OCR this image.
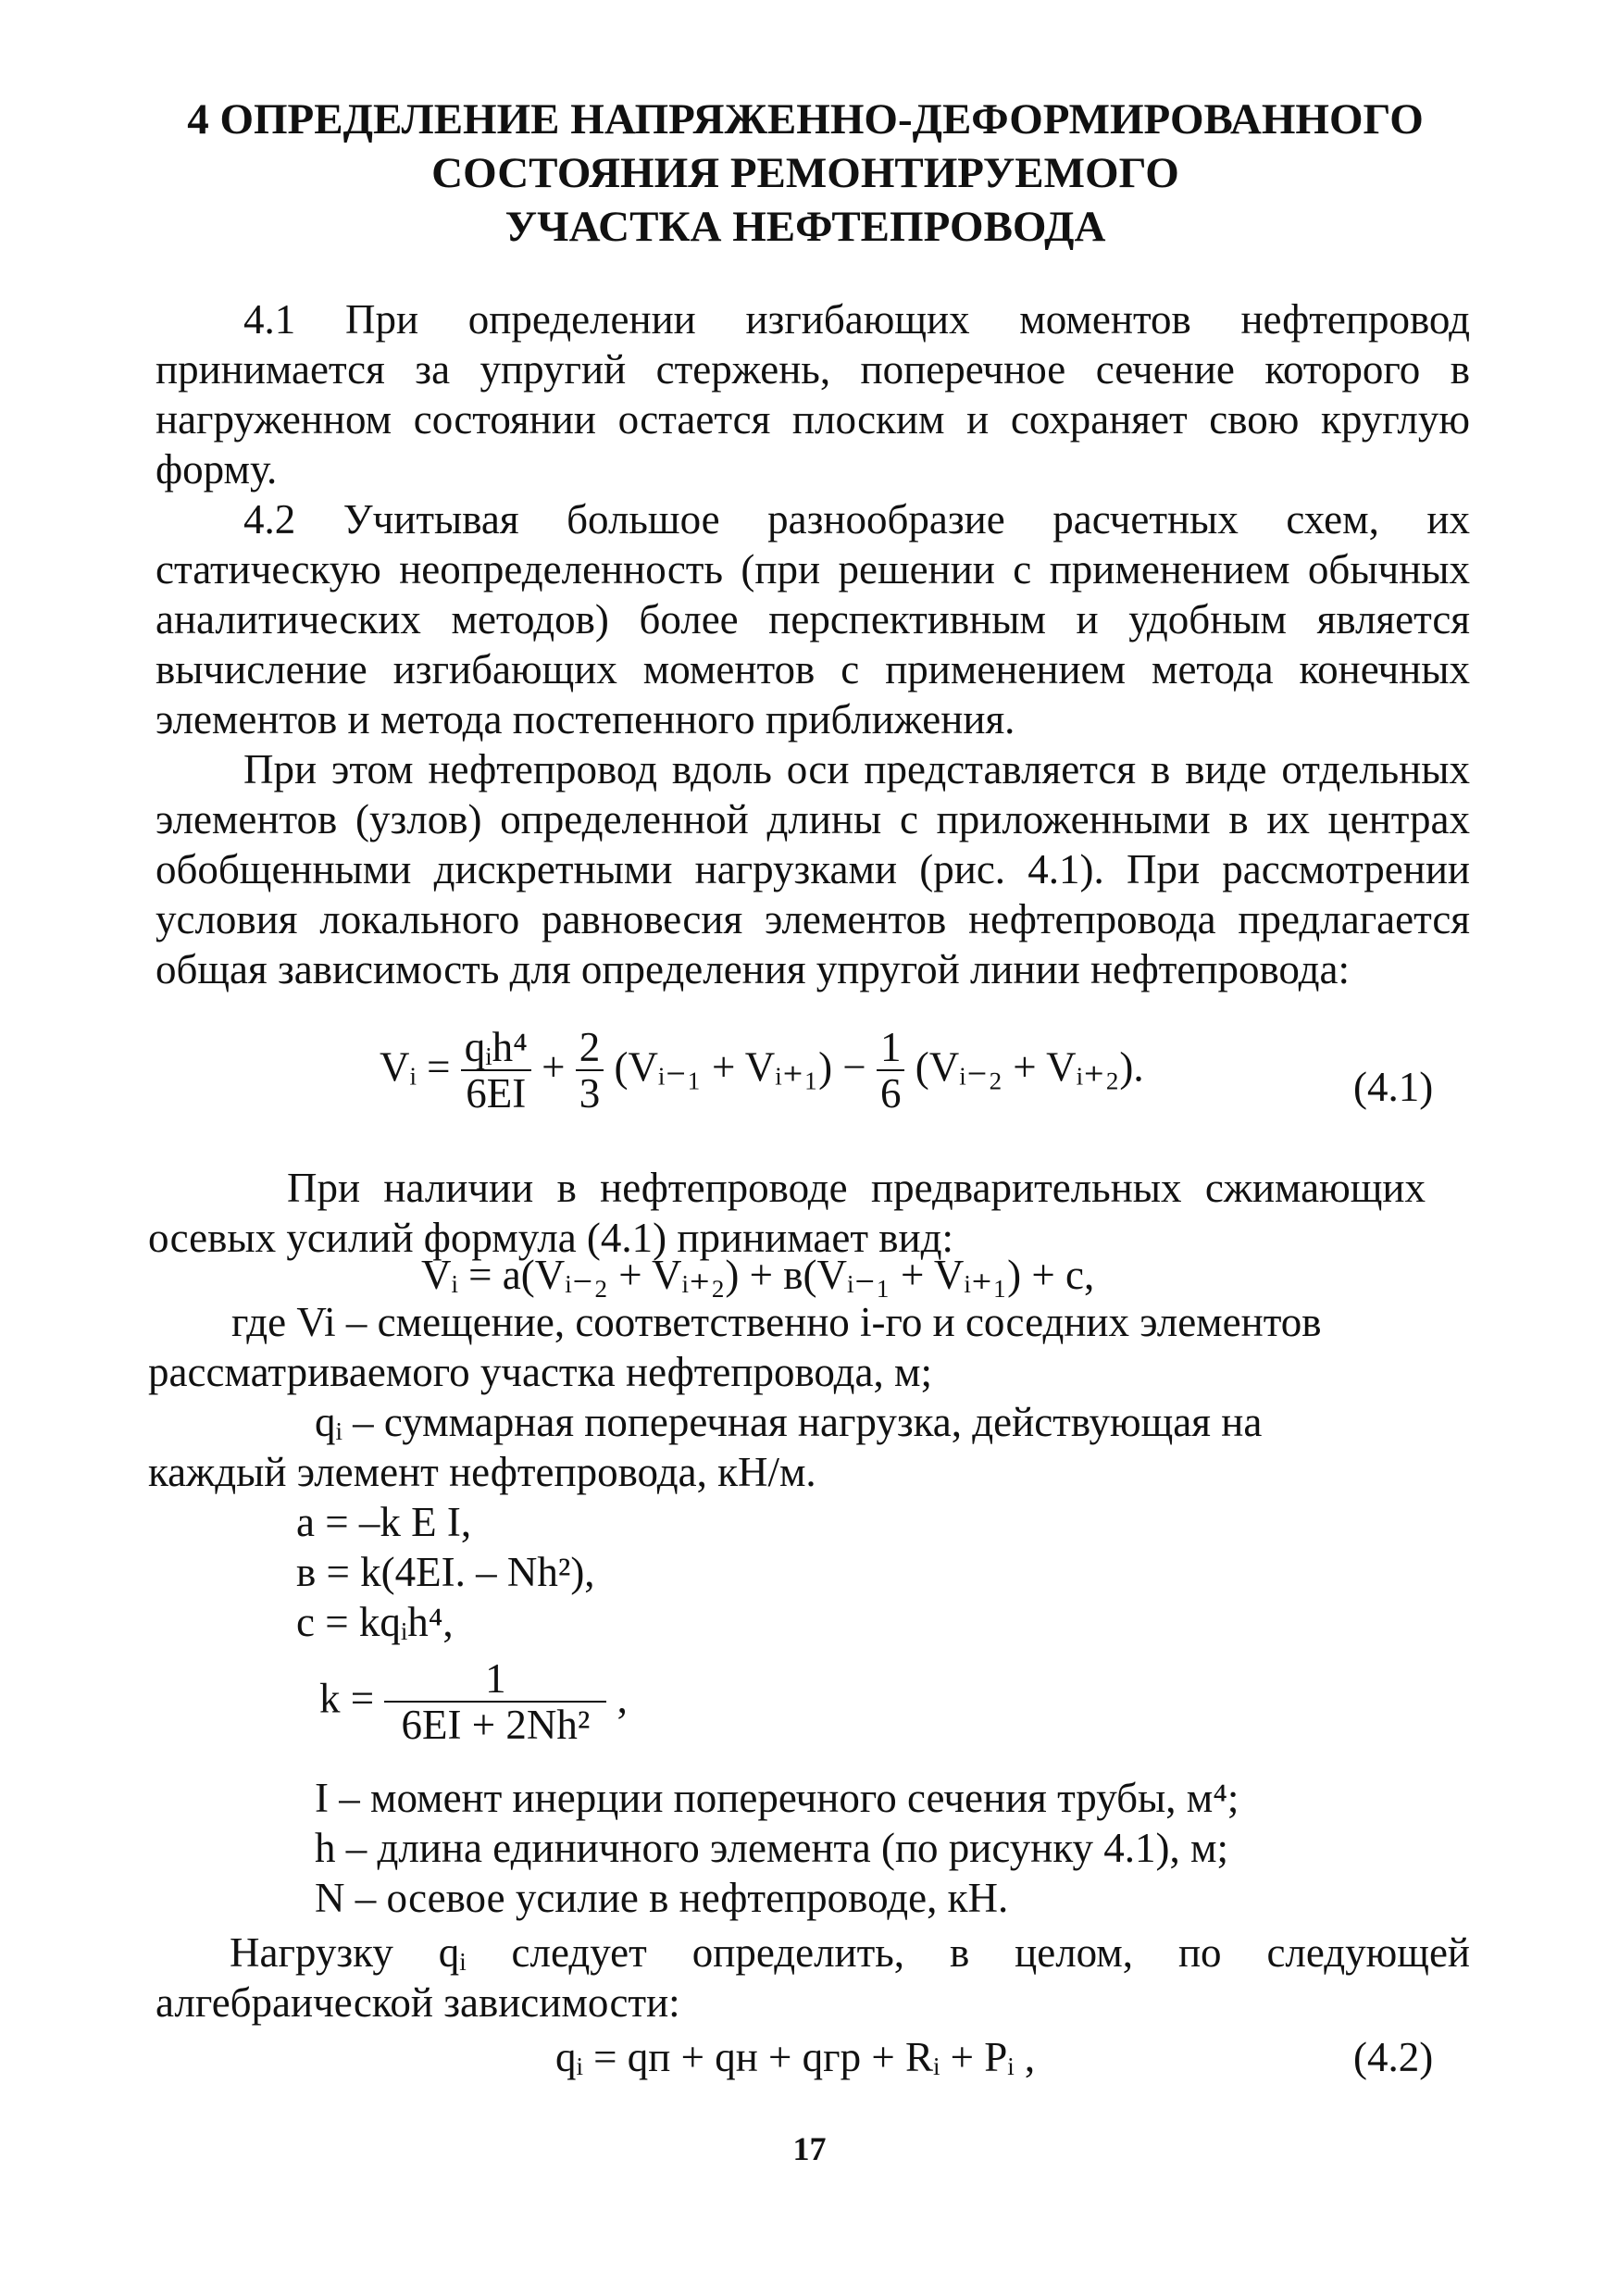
4 ОПРЕДЕЛЕНИЕ НАПРЯЖЕННО-ДЕФОРМИРОВАННОГО
СОСТОЯНИЯ РЕМОНТИРУЕМОГО
УЧАСТКА НЕФТЕПРОВОДА
4.1 При определении изгибающих моментов нефтепровод принимается за упругий стержень, поперечное сечение которого в нагруженном состоянии остается плоским и сохраняет свою круглую форму.
4.2 Учитывая большое разнообразие расчетных схем, их статическую неопределенность (при решении с применением обычных аналитических методов) более перспективным и удобным является вычисление изгибающих моментов с применением метода конечных элементов и метода постепенного приближения.
При этом нефтепровод вдоль оси представляется в виде отдельных элементов (узлов) определенной длины с приложенными в их центрах обобщенными дискретными нагрузками (рис. 4.1). При рассмотрении условия локального равновесия элементов нефтепровода предлагается общая зависимость для определения упругой линии нефтепровода:
Vᵢ = $\frac{\text{qᵢh⁴}}{6EI} + \frac{2}{3}$ (Vᵢ₋₁ + Vᵢ₊₁) − $\frac{1}{6}$ (Vᵢ₋₂ + Vᵢ₊₂).	(4.1)
При наличии в нефтепроводе предварительных сжимающих осевых усилий формула (4.1) принимает вид:
Vᵢ = a(Vᵢ₋₂ + Vᵢ₊₂) + в(Vᵢ₋₁ + Vᵢ₊₁) + c,
где Vi – смещение, соответственно i-го и соседних элементов
рассматриваемого участка нефтепровода, м;
qᵢ – суммарная поперечная нагрузка, действующая на
каждый элемент нефтепровода, кН/м.
a = –k E I,
в = k(4EI. – Nh²),
c = kqᵢh⁴,
$k = \frac{1}{\text{6EI + 2Nh²}}$ ,
I – момент инерции поперечного сечения трубы, м⁴;
h – длина единичного элемента (по рисунку 4.1), м;
N – осевое усилие в нефтепроводе, кН.
Нагрузку qᵢ следует определить, в целом, по следующей алгебраической зависимости:
qᵢ = qп + qн + qгр + Rᵢ + Pᵢ ,	(4.2)
17
